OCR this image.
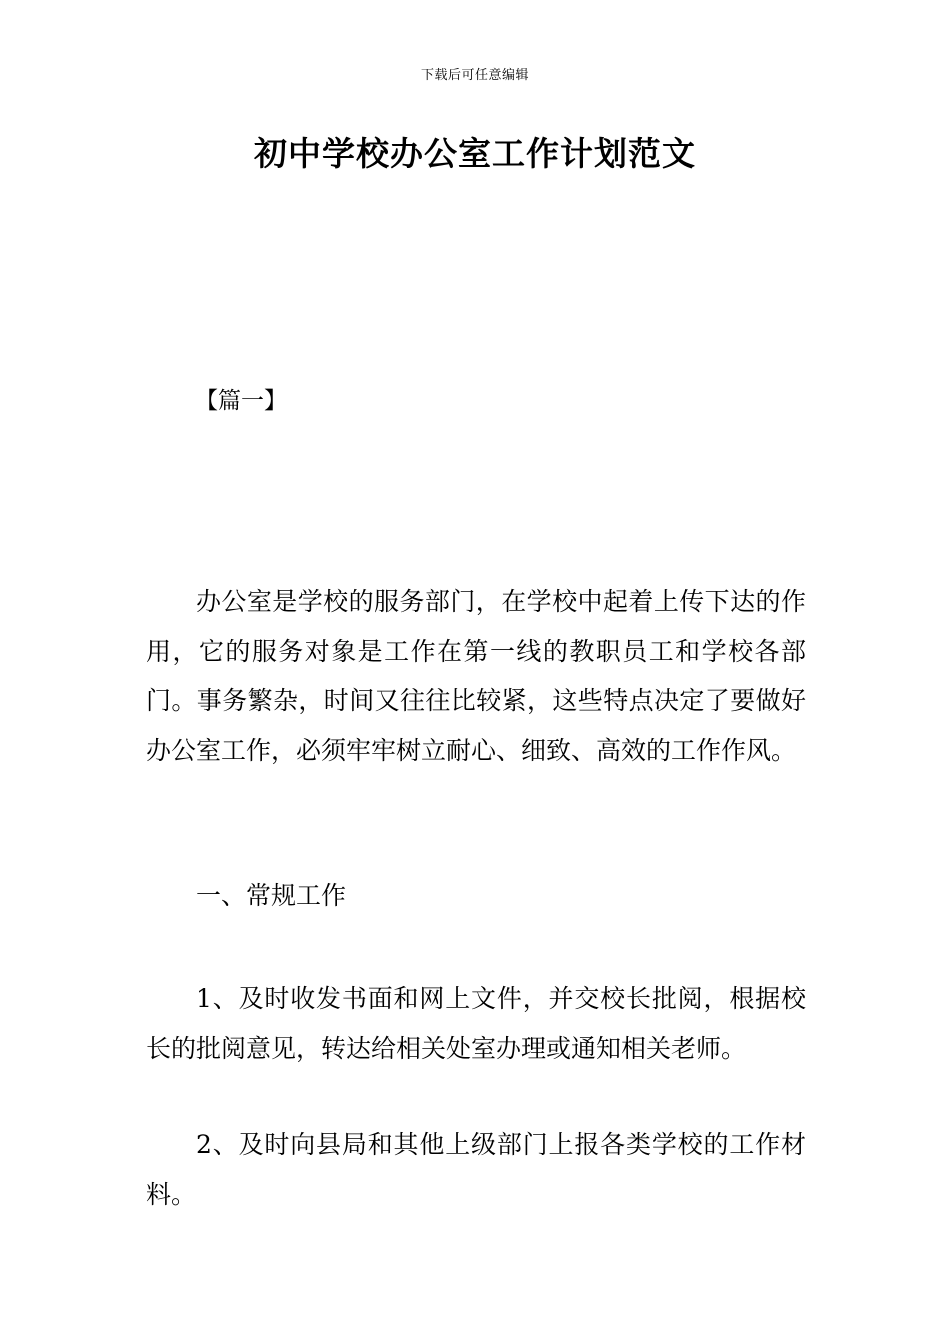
下载后可任意编辑
初中学校办公室工作计划范文
【篇一】
办公室是学校的服务部门，在学校中起着上传下达的作用，它的服务对象是工作在第一线的教职员工和学校各部门。事务繁杂，时间又往往比较紧，这些特点决定了要做好办公室工作，必须牢牢树立耐心、细致、高效的工作作风。
一、常规工作
1、及时收发书面和网上文件，并交校长批阅，根据校长的批阅意见，转达给相关处室办理或通知相关老师。
2、及时向县局和其他上级部门上报各类学校的工作材料。
